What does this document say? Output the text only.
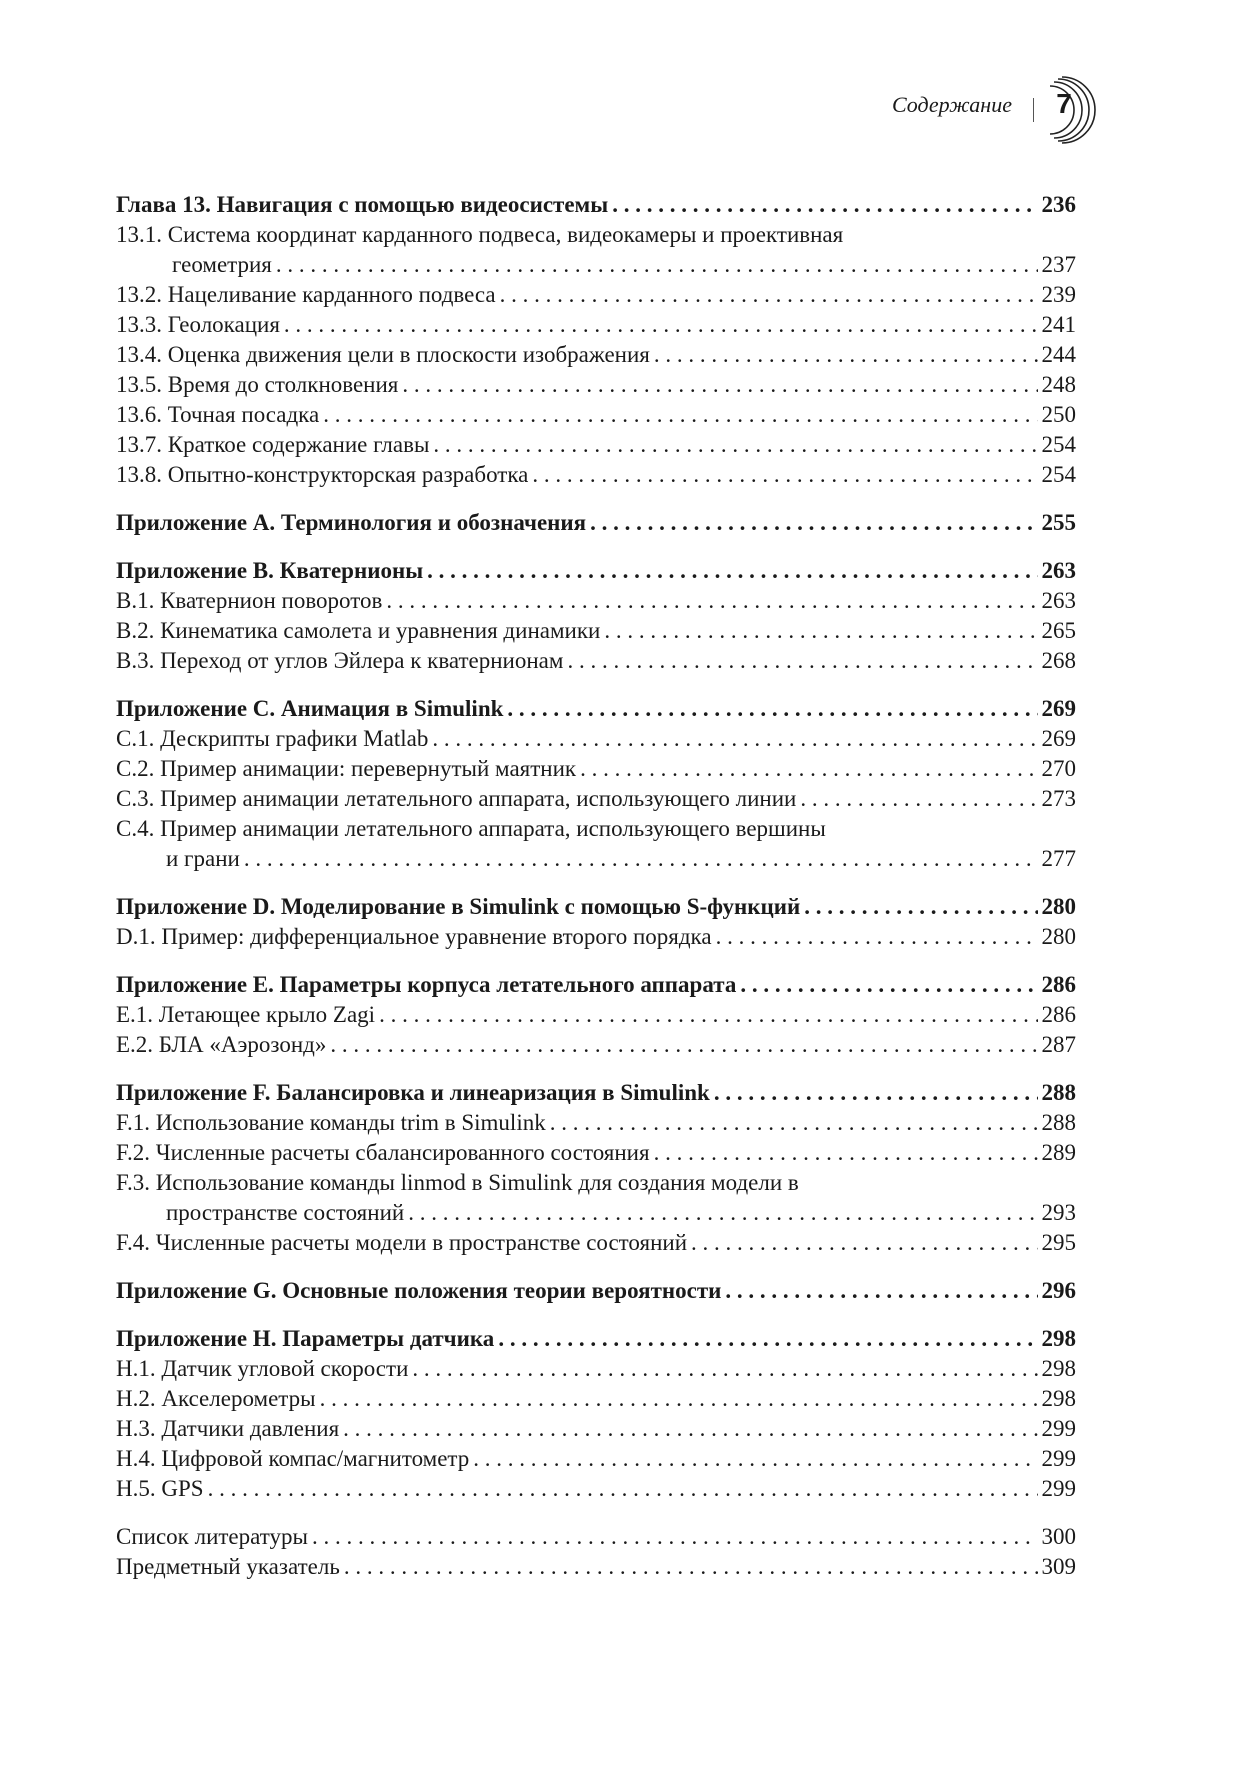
Содержание	7
Глава 13. Навигация с помощью видеосистемы . . .	236
13.1. Система координат карданного подвеса, видеокамеры и проективная
геометрия . . .	237
13.2. Нацеливание карданного подвеса . . .	239
13.3. Геолокация . . .	241
13.4. Оценка движения цели в плоскости изображения . . .	244
13.5. Время до столкновения . . .	248
13.6. Точная посадка . . .	250
13.7. Краткое содержание главы . . .	254
13.8. Опытно-конструкторская разработка . . .	254
Приложение A. Терминология и обозначения . . .	255
Приложение B. Кватернионы . . .	263
B.1. Кватернион поворотов . . .	263
B.2. Кинематика самолета и уравнения динамики . . .	265
B.3. Переход от углов Эйлера к кватернионам . . .	268
Приложение C. Анимация в Simulink . . .	269
C.1. Дескрипты графики Matlab . . .	269
C.2. Пример анимации: перевернутый маятник . . .	270
C.3. Пример анимации летательного аппарата, использующего линии . . .	273
C.4. Пример анимации летательного аппарата, использующего вершины
и грани . . .	277
Приложение D. Моделирование в Simulink с помощью S-функций . . .	280
D.1. Пример: дифференциальное уравнение второго порядка . . .	280
Приложение E. Параметры корпуса летательного аппарата . . .	286
E.1. Летающее крыло Zagi . . .	286
E.2. БЛА «Аэрозонд» . . .	287
Приложение F. Балансировка и линеаризация в Simulink . . .	288
F.1. Использование команды trim в Simulink . . .	288
F.2. Численные расчеты сбалансированного состояния . . .	289
F.3. Использование команды linmod в Simulink для создания модели в
пространстве состояний . . .	293
F.4. Численные расчеты модели в пространстве состояний . . .	295
Приложение G. Основные положения теории вероятности . . .	296
Приложение H. Параметры датчика . . .	298
H.1. Датчик угловой скорости . . .	298
H.2. Акселерометры . . .	298
H.3. Датчики давления . . .	299
H.4. Цифровой компас/магнитометр . . .	299
H.5. GPS . . .	299
Список литературы . . .	300
Предметный указатель . . .	309
